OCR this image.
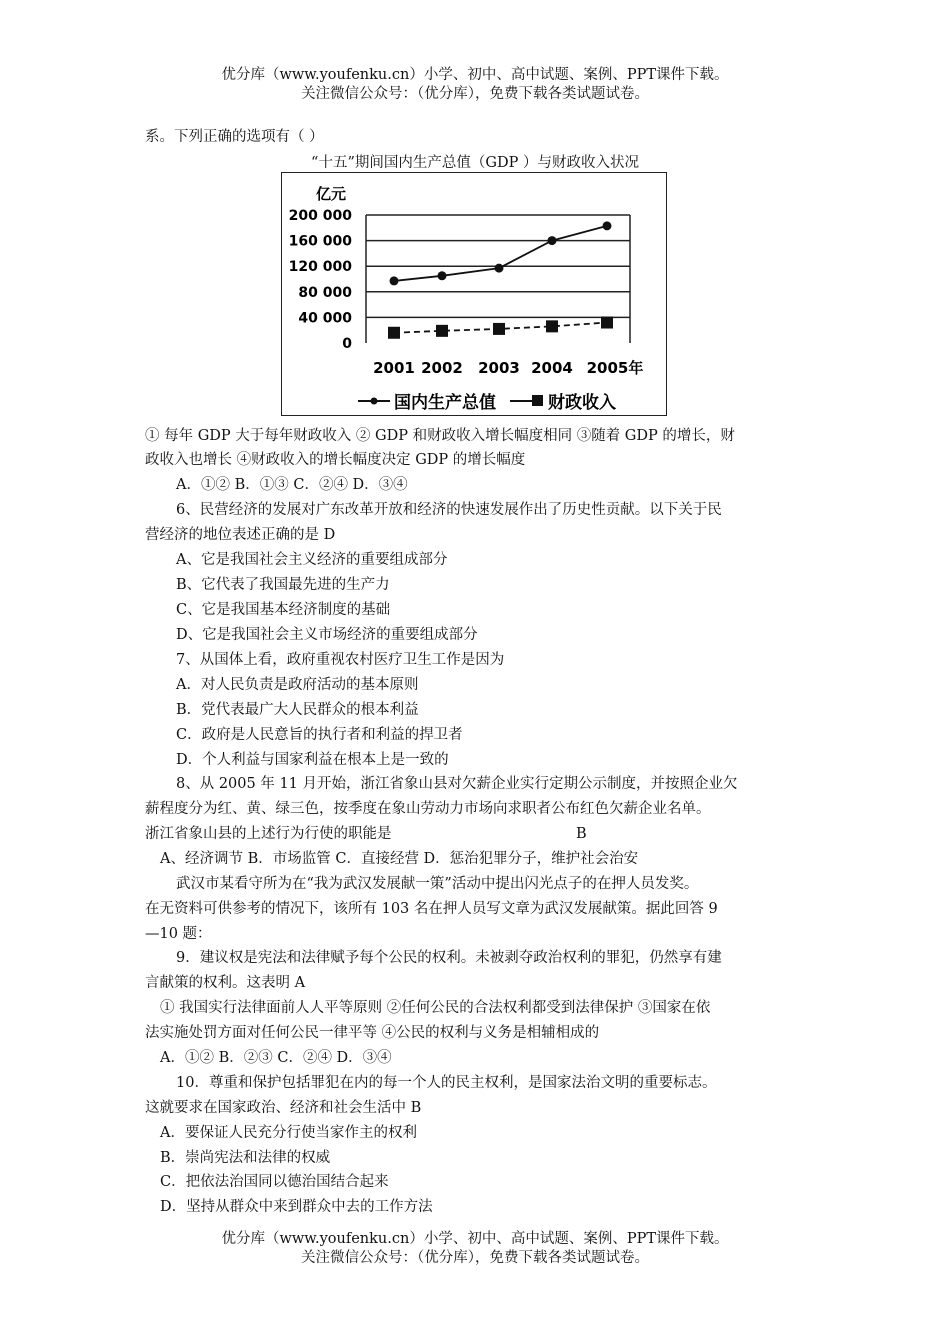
优分库（www.youfenku.cn）小学、初中、高中试题、案例、PPT课件下载。
关注微信公众号：（优分库），免费下载各类试题试卷。
系。下列正确的选项有（ ）
“十五”期间国内生产总值（GDP ）与财政收入状况
亿元
200 000
160 000
120 000
80 000
40 000
0
2001 2002 2003 2004 2005年
国内生产总值	财政收入
① 每年 GDP 大于每年财政收入 ② GDP 和财政收入增长幅度相同 ③随着 GDP 的增长，财
政收入也增长 ④财政收入的增长幅度决定 GDP 的增长幅度
A．①② B．①③ C．②④ D．③④
6、民营经济的发展对广东改革开放和经济的快速发展作出了历史性贡献。以下关于民
营经济的地位表述正确的是 D
A、它是我国社会主义经济的重要组成部分
B、它代表了我国最先进的生产力
C、它是我国基本经济制度的基础
D、它是我国社会主义市场经济的重要组成部分
7、从国体上看，政府重视农村医疗卫生工作是因为
A．对人民负责是政府活动的基本原则
B．党代表最广大人民群众的根本利益
C．政府是人民意旨的执行者和利益的捍卫者
D．个人利益与国家利益在根本上是一致的
8、从 2005 年 11 月开始，浙江省象山县对欠薪企业实行定期公示制度，并按照企业欠
薪程度分为红、黄、绿三色，按季度在象山劳动力市场向求职者公布红色欠薪企业名单。
浙江省象山县的上述行为行使的职能是	B
A、经济调节 B．市场监管 C．直接经营 D．惩治犯罪分子，维护社会治安
武汉市某看守所为在“我为武汉发展献一策”活动中提出闪光点子的在押人员发奖。
在无资料可供参考的情况下，该所有 103 名在押人员写文章为武汉发展献策。据此回答 9
—10 题：
9．建议权是宪法和法律赋予每个公民的权利。未被剥夺政治权利的罪犯，仍然享有建
言献策的权利。这表明 A
① 我国实行法律面前人人平等原则 ②任何公民的合法权利都受到法律保护 ③国家在依
法实施处罚方面对任何公民一律平等 ④公民的权利与义务是相辅相成的
A．①② B．②③ C．②④ D．③④
10．尊重和保护包括罪犯在内的每一个人的民主权利，是国家法治文明的重要标志。
这就要求在国家政治、经济和社会生活中 B
A．要保证人民充分行使当家作主的权利
B．崇尚宪法和法律的权威
C．把依法治国同以德治国结合起来
D．坚持从群众中来到群众中去的工作方法
优分库（www.youfenku.cn）小学、初中、高中试题、案例、PPT课件下载。
关注微信公众号：（优分库），免费下载各类试题试卷。
